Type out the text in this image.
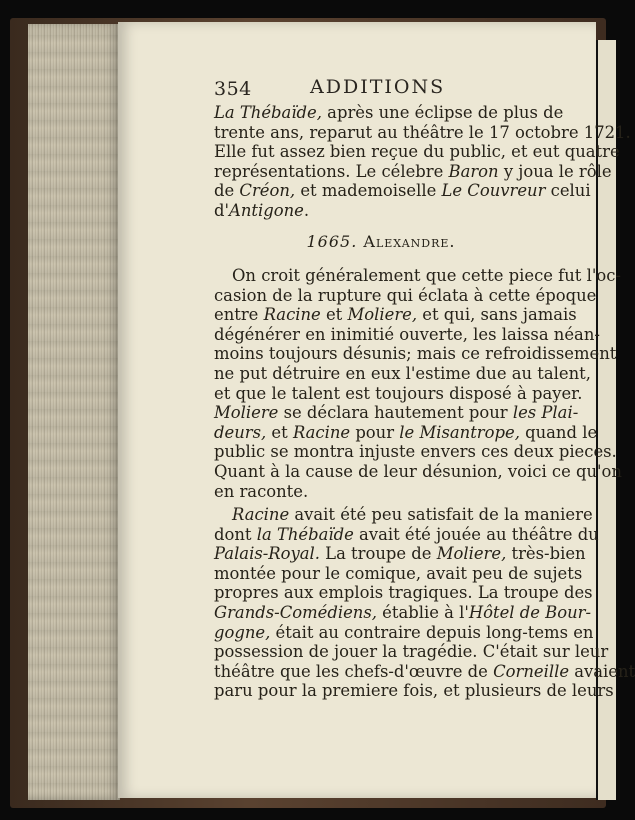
354	ADDITIONS
La Thébaïde, après une éclipse de plus de
trente ans, reparut au théâtre le 17 octobre 1721.
Elle fut assez bien reçue du public, et eut quatre
représentations. Le célebre Baron y joua le rôle
de Créon, et mademoiselle Le Couvreur celui
d'Antigone.
1665. Alexandre.
On croit généralement que cette piece fut l'oc-
casion de la rupture qui éclata à cette époque
entre Racine et Moliere, et qui, sans jamais
dégénérer en inimitié ouverte, les laissa néan-
moins toujours désunis; mais ce refroidissement
ne put détruire en eux l'estime due au talent,
et que le talent est toujours disposé à payer.
Moliere se déclara hautement pour les Plai-
deurs, et Racine pour le Misantrope, quand le
public se montra injuste envers ces deux pieces.
Quant à la cause de leur désunion, voici ce qu'on
en raconte.
Racine avait été peu satisfait de la maniere
dont la Thébaïde avait été jouée au théâtre du
Palais-Royal. La troupe de Moliere, très-bien
montée pour le comique, avait peu de sujets
propres aux emplois tragiques. La troupe des
Grands-Comédiens, établie à l'Hôtel de Bour-
gogne, était au contraire depuis long-tems en
possession de jouer la tragédie. C'était sur leur
théâtre que les chefs-d'œuvre de Corneille avaient
paru pour la premiere fois, et plusieurs de leurs
